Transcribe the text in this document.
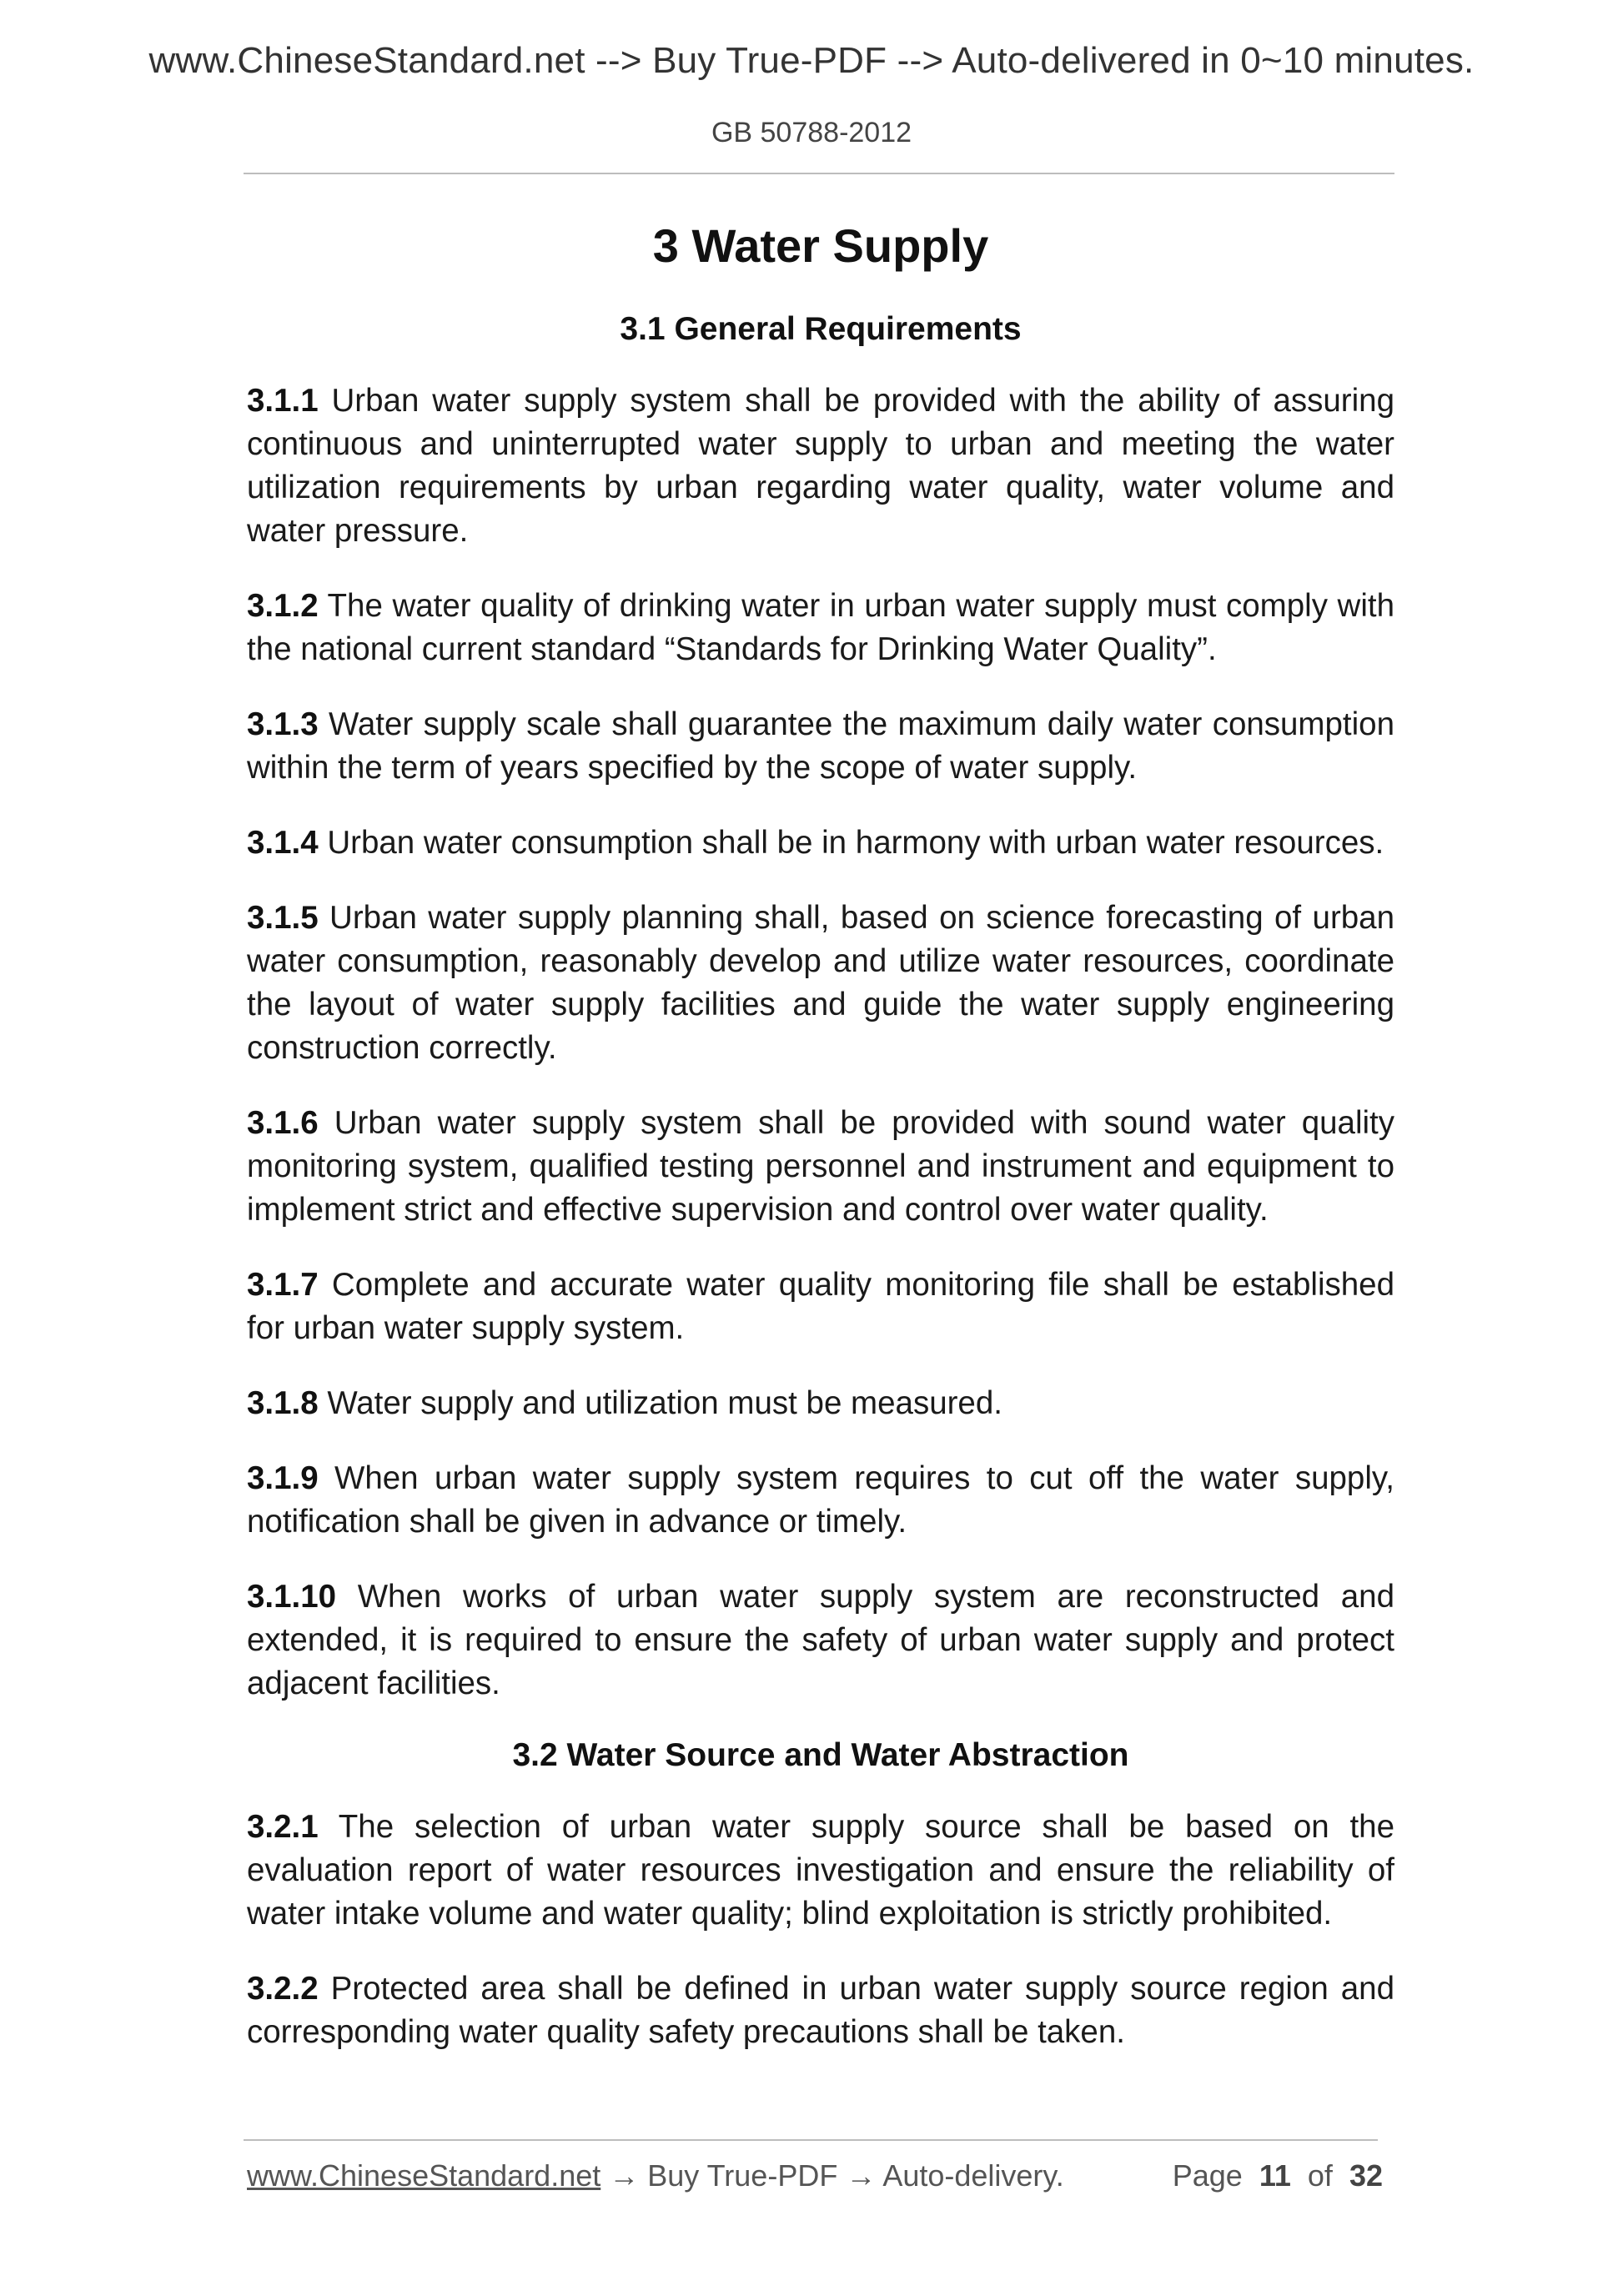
www.ChineseStandard.net --> Buy True-PDF --> Auto-delivered in 0~10 minutes.
GB 50788-2012
3 Water Supply
3.1 General Requirements

3.1.1 Urban water supply system shall be provided with the ability of assuring continuous and uninterrupted water supply to urban and meeting the water utilization requirements by urban regarding water quality, water volume and water pressure.

3.1.2 The water quality of drinking water in urban water supply must comply with the national current standard “Standards for Drinking Water Quality”.

3.1.3 Water supply scale shall guarantee the maximum daily water consumption within the term of years specified by the scope of water supply.

3.1.4 Urban water consumption shall be in harmony with urban water resources.

3.1.5 Urban water supply planning shall, based on science forecasting of urban water consumption, reasonably develop and utilize water resources, coordinate the layout of water supply facilities and guide the water supply engineering construction correctly.

3.1.6 Urban water supply system shall be provided with sound water quality monitoring system, qualified testing personnel and instrument and equipment to implement strict and effective supervision and control over water quality.

3.1.7 Complete and accurate water quality monitoring file shall be established for urban water supply system.

3.1.8 Water supply and utilization must be measured.

3.1.9 When urban water supply system requires to cut off the water supply, notification shall be given in advance or timely.

3.1.10 When works of urban water supply system are reconstructed and extended, it is required to ensure the safety of urban water supply and protect adjacent facilities.

3.2 Water Source and Water Abstraction

3.2.1 The selection of urban water supply source shall be based on the evaluation report of water resources investigation and ensure the reliability of water intake volume and water quality; blind exploitation is strictly prohibited.

3.2.2 Protected area shall be defined in urban water supply source region and corresponding water quality safety precautions shall be taken.

www.ChineseStandard.net → Buy True-PDF → Auto-delivery.	Page 11 of 32
